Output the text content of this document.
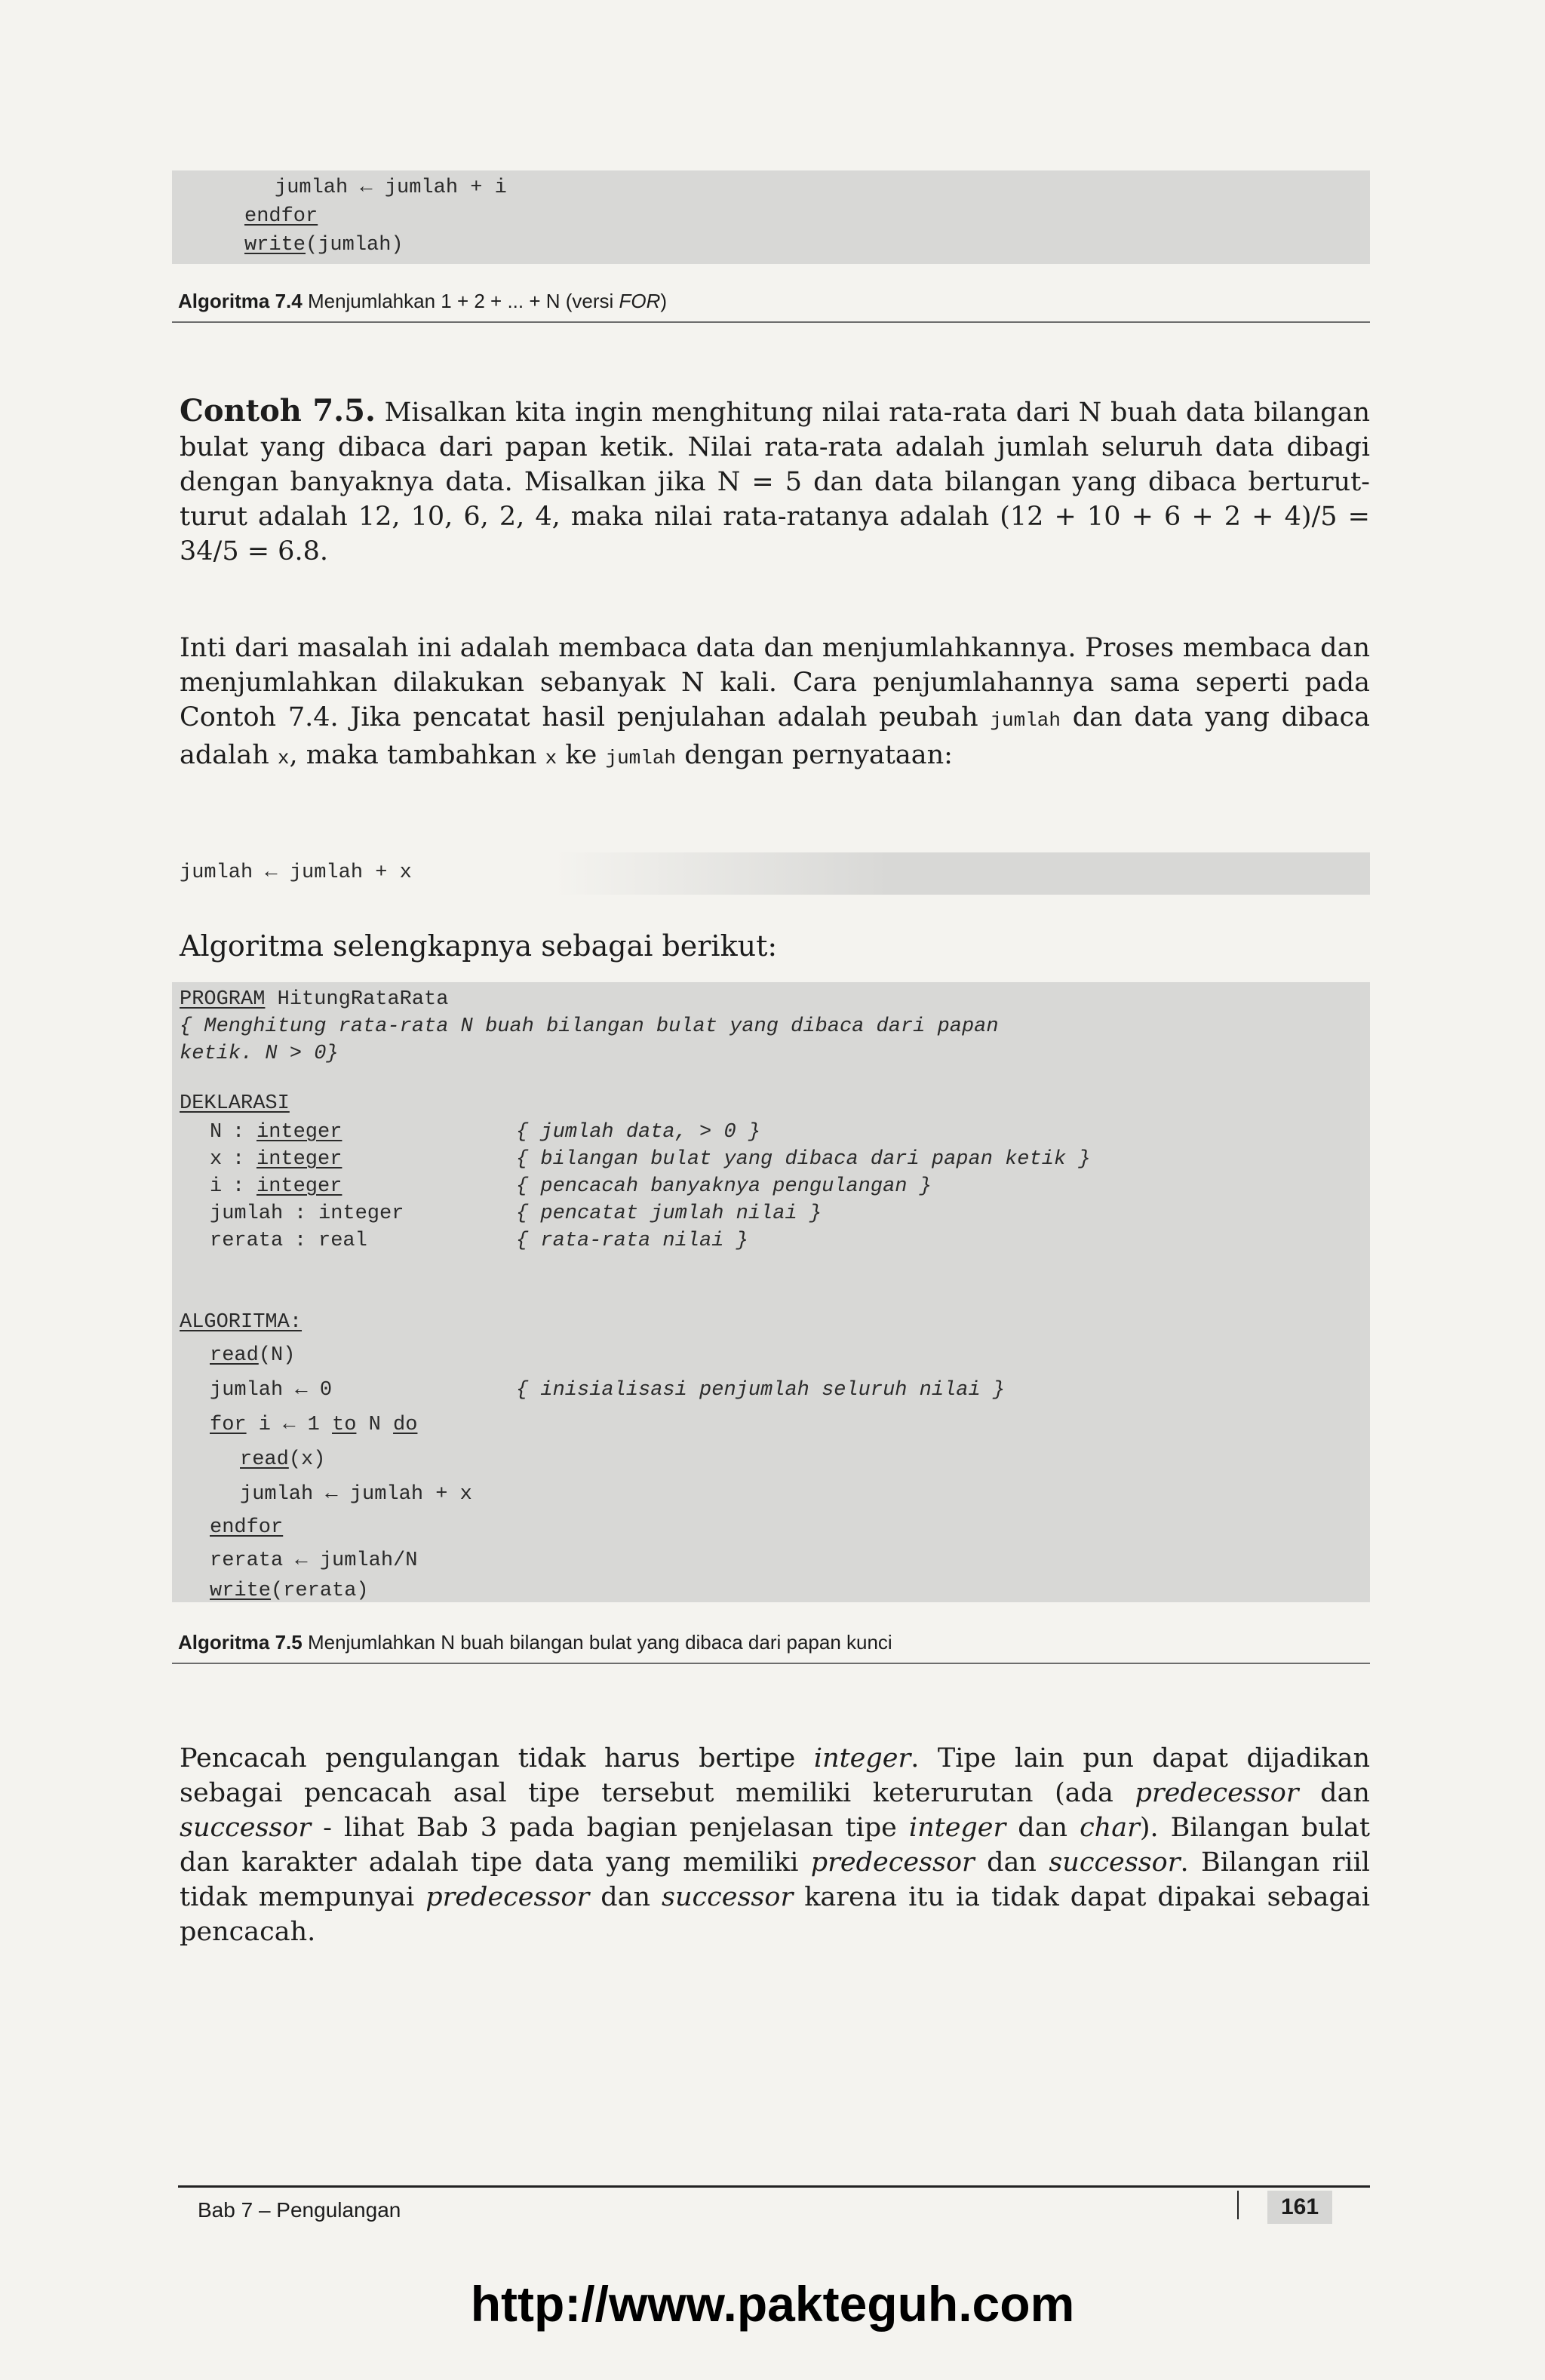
jumlah ← jumlah + i
endfor
write(jumlah)
Algoritma 7.4 Menjumlahkan 1 + 2 + ... + N (versi FOR)
Contoh 7.5. Misalkan kita ingin menghitung nilai rata-rata dari N buah data bilangan bulat yang dibaca dari papan ketik. Nilai rata-rata adalah jumlah seluruh data dibagi dengan banyaknya data. Misalkan jika N = 5 dan data bilangan yang dibaca berturut-turut adalah 12, 10, 6, 2, 4, maka nilai rata-ratanya adalah (12 + 10 + 6 + 2 + 4)/5 = 34/5 = 6.8.
Inti dari masalah ini adalah membaca data dan menjumlahkannya. Proses membaca dan menjumlahkan dilakukan sebanyak N kali. Cara penjumlahannya sama seperti pada Contoh 7.4. Jika pencatat hasil penjulahan adalah peubah jumlah dan data yang dibaca adalah x, maka tambahkan x ke jumlah dengan pernyataan:
jumlah ← jumlah + x
Algoritma selengkapnya sebagai berikut:
PROGRAM HitungRataRata
{ Menghitung rata-rata N buah bilangan bulat yang dibaca dari papan
ketik. N > 0}
DEKLARASI
N : integer	{ jumlah data, > 0 }
x : integer	{ bilangan bulat yang dibaca dari papan ketik }
i : integer	{ pencacah banyaknya pengulangan }
jumlah : integer	{ pencatat jumlah nilai }
rerata : real	{ rata-rata nilai }
ALGORITMA:
read(N)
jumlah ← 0	{ inisialisasi penjumlah seluruh nilai }
for i ← 1 to N do
read(x)
jumlah ← jumlah + x
endfor
rerata ← jumlah/N
write(rerata)
Algoritma 7.5 Menjumlahkan N buah bilangan bulat yang dibaca dari papan kunci
Pencacah pengulangan tidak harus bertipe integer. Tipe lain pun dapat dijadikan sebagai pencacah asal tipe tersebut memiliki keterurutan (ada predecessor dan successor - lihat Bab 3 pada bagian penjelasan tipe integer dan char). Bilangan bulat dan karakter adalah tipe data yang memiliki predecessor dan successor. Bilangan riil tidak mempunyai predecessor dan successor karena itu ia tidak dapat dipakai sebagai pencacah.
Bab 7 – Pengulangan	161
http://www.pakteguh.com
